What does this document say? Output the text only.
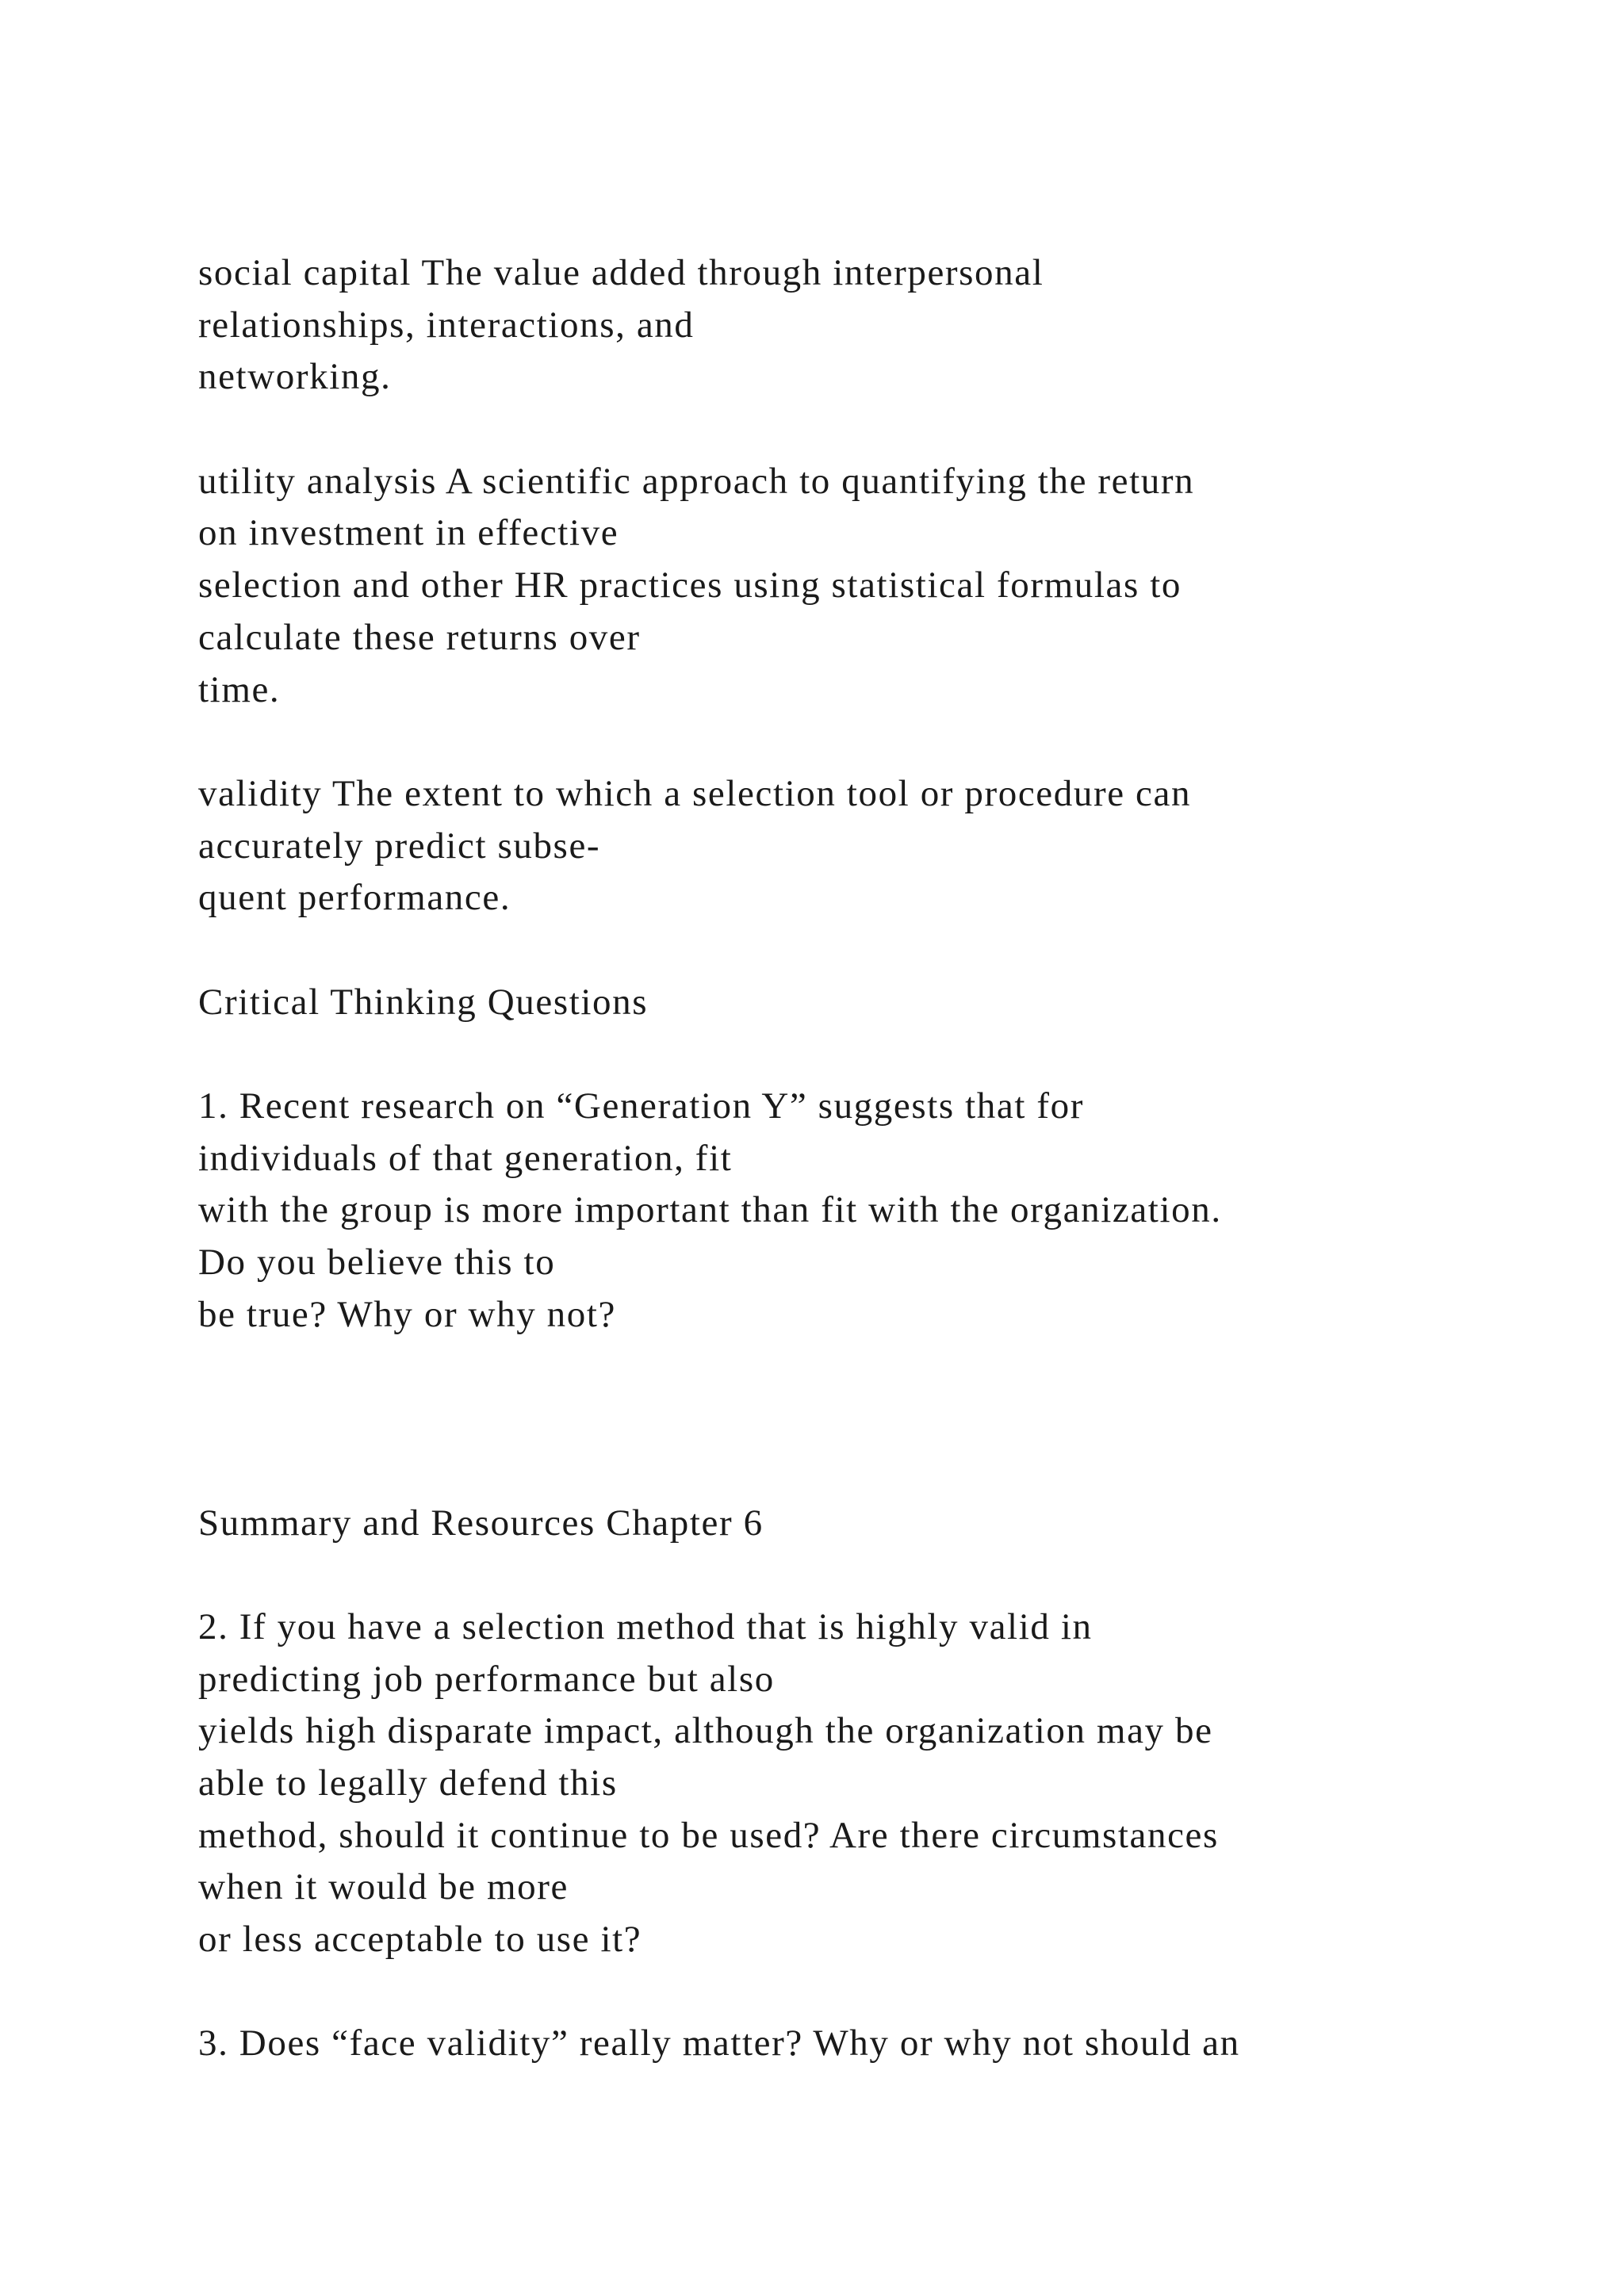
social capital The value added through interpersonal
relationships, interactions, and
networking.
utility analysis A scientific approach to quantifying the return
on investment in effective
selection and other HR practices using statistical formulas to
calculate these returns over
time.
validity The extent to which a selection tool or procedure can
accurately predict subse-
quent performance.
Critical Thinking Questions
1. Recent research on “Generation Y” suggests that for
individuals of that generation, fit
with the group is more important than fit with the organization.
Do you believe this to
be true? Why or why not?
Summary and Resources Chapter 6
2. If you have a selection method that is highly valid in
predicting job performance but also
yields high disparate impact, although the organization may be
able to legally defend this
method, should it continue to be used? Are there circumstances
when it would be more
or less acceptable to use it?
3. Does “face validity” really matter? Why or why not should an
